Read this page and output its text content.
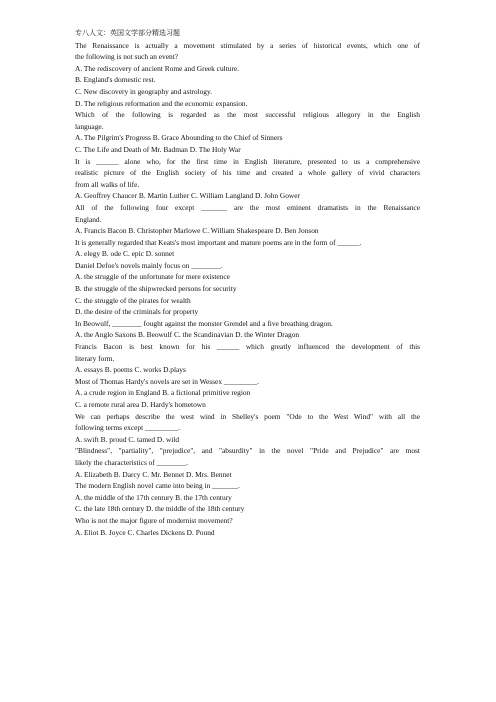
专八人文：英国文学部分精选习题
The Renaissance is actually a movement stimulated by a series of historical events, which one of
the following is not such an event?
A. The rediscovery of ancient Rome and Greek culture.
B. England's domestic rest.
C. New discovery in geography and astrology.
D. The religious reformation and the economic expansion.
Which of the following is regarded as the most successful religious allegory in the English
language.
A. The Pilgrim's Progress B. Grace Abounding to the Chief of Sinners
C. The Life and Death of Mr. Badman D. The Holy War
It is ______ alone who, for the first time in English literature, presented to us a comprehensive
realistic picture of the English society of his time and created a whole gallery of vivid characters
from all walks of life.
A. Geoffrey Chaucer B. Martin Luther C. William Langland D. John Gower
All of the following four except _______ are the most eminent dramatists in the Renaissance
England.
A. Francis Bacon B. Christopher Marlowe C. William Shakespeare D. Ben Jonson
It is generally regarded that Keats's most important and mature poems are in the form of ______.
A. elegy B. ode C. epic D. sonnet
Daniel Defoe's novels mainly focus on ________.
A. the struggle of the unfortunate for mere existence
B. the struggle of the shipwrecked persons for security
C. the struggle of the pirates for wealth
D. the desire of the criminals for property
In Beowulf, ________ fought against the monster Grendel and a five breathing dragon.
A. the Anglo Saxons B. Beowulf C. the Scandinavian D. the Winter Dragon
Francis Bacon is best known for his ______ which greatly influenced the development of this
literary form.
A. essays B. poems C. works D.plays
Most of Thomas Hardy's novels are set in Wessex _________.
A. a crude region in England B. a fictional primitive region
C. a remote rural area D. Hardy's hometown
We can perhaps describe the west wind in Shelley's poem "Ode to the West Wind" with all the
following terms except _________.
A. swift B. proud C. tamed D. wild
"Blindness", "partiality", "prejudice", and "absurdity" in the novel "Pride and Prejudice" are most
likely the characteristics of ________.
A. Elizabeth B. Darcy C. Mr. Bennet D. Mrs. Bennet
The modern English novel came into being in _______.
A. the middle of the 17th century B. the 17th century
C. the late 18th century D. the middle of the 18th century
Who is not the major figure of modernist movement?
A. Eliot B. Joyce C. Charles Dickens D. Pound
